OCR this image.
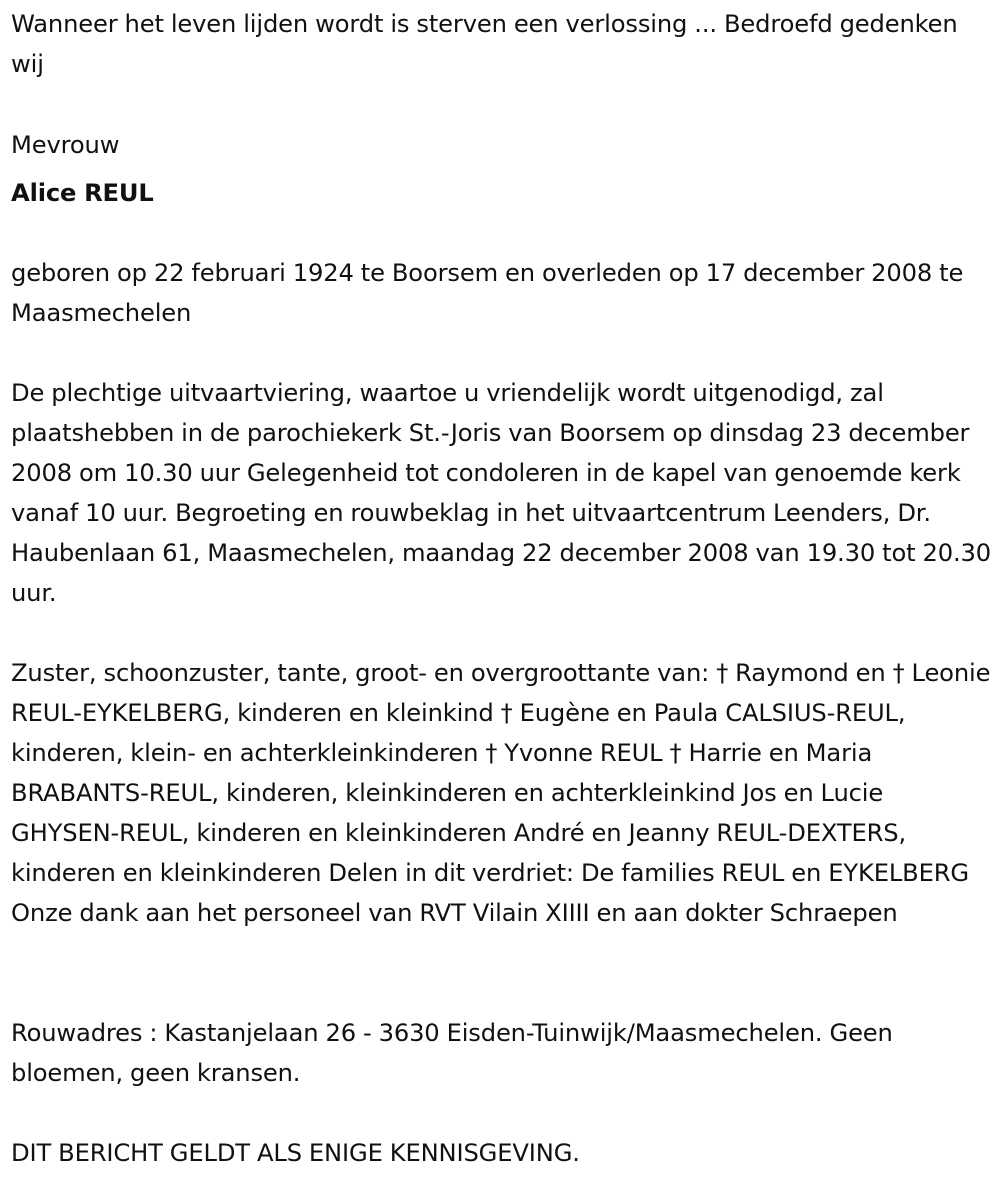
Wanneer het leven lijden wordt is sterven een verlossing ... Bedroefd gedenken wij

Mevrouw

Alice REUL

geboren op 22 februari 1924 te Boorsem en overleden op 17 december 2008 te Maasmechelen

De plechtige uitvaartviering, waartoe u vriendelijk wordt uitgenodigd, zal plaatshebben in de parochiekerk St.-Joris van Boorsem op dinsdag 23 december 2008 om 10.30 uur Gelegenheid tot condoleren in de kapel van genoemde kerk vanaf 10 uur. Begroeting en rouwbeklag in het uitvaartcentrum Leenders, Dr. Haubenlaan 61, Maasmechelen, maandag 22 december 2008 van 19.30 tot 20.30 uur.

Zuster, schoonzuster, tante, groot- en overgroottante van: † Raymond en † Leonie REUL-EYKELBERG, kinderen en kleinkind † Eugène en Paula CALSIUS-REUL, kinderen, klein- en achterkleinkinderen † Yvonne REUL † Harrie en Maria BRABANTS-REUL, kinderen, kleinkinderen en achterkleinkind Jos en Lucie GHYSEN-REUL, kinderen en kleinkinderen André en Jeanny REUL-DEXTERS, kinderen en kleinkinderen Delen in dit verdriet: De families REUL en EYKELBERG Onze dank aan het personeel van RVT Vilain XIIII en aan dokter Schraepen

Rouwadres : Kastanjelaan 26 - 3630 Eisden-Tuinwijk/Maasmechelen. Geen bloemen, geen kransen.

DIT BERICHT GELDT ALS ENIGE KENNISGEVING.
